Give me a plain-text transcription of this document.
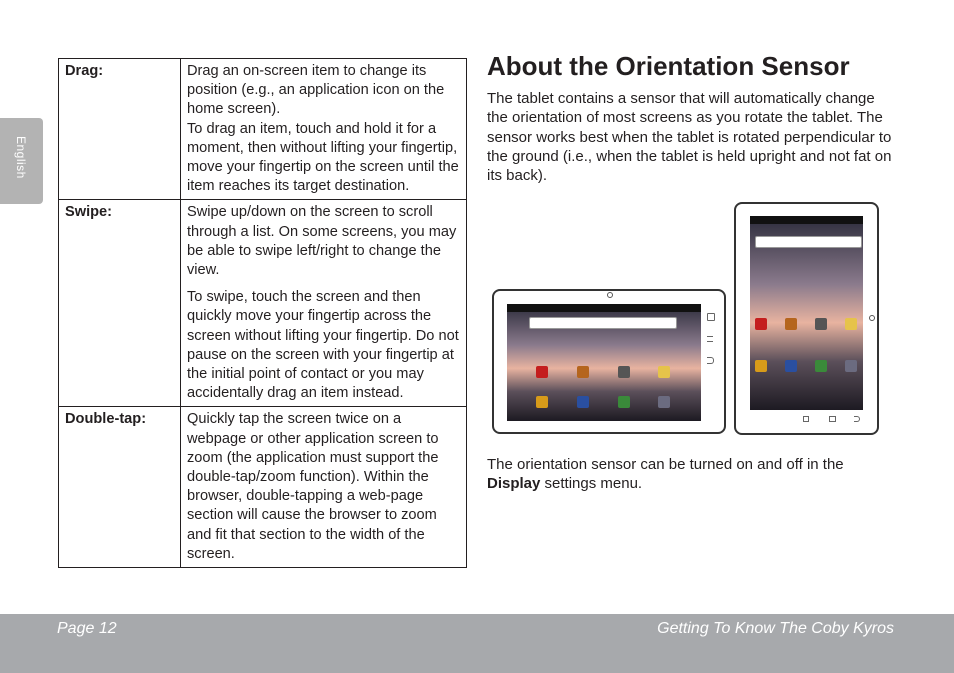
English
Drag:	Drag an on-screen item to change its position (e.g., an application icon on the home screen).
To drag an item, touch and hold it for a moment, then without lifting your fingertip, move your fingertip on the screen until the item reaches its target destination.

Swipe:	Swipe up/down on the screen to scroll through a list. On some screens, you may be able to swipe left/right to change the view.

To swipe, touch the screen and then quickly move your fingertip across the screen without lifting your fingertip. Do not pause on the screen with your fingertip at the initial point of contact or you may accidentally drag an item instead.

Double-tap:	Quickly tap the screen twice on a webpage or other application screen to zoom (the application must support the double-tap/zoom function). Within the browser, double-tapping a web-page section will cause the browser to zoom and fit that section to the width of the screen.

About the Orientation Sensor

The tablet contains a sensor that will automatically change the orientation of most screens as you rotate the tablet. The sensor works best when the tablet is rotated perpendicular to the ground (i.e., when the tablet is held upright and not fat on its back).

The orientation sensor can be turned on and off in the Display settings menu.

Page 12	Getting To Know The Coby Kyros
